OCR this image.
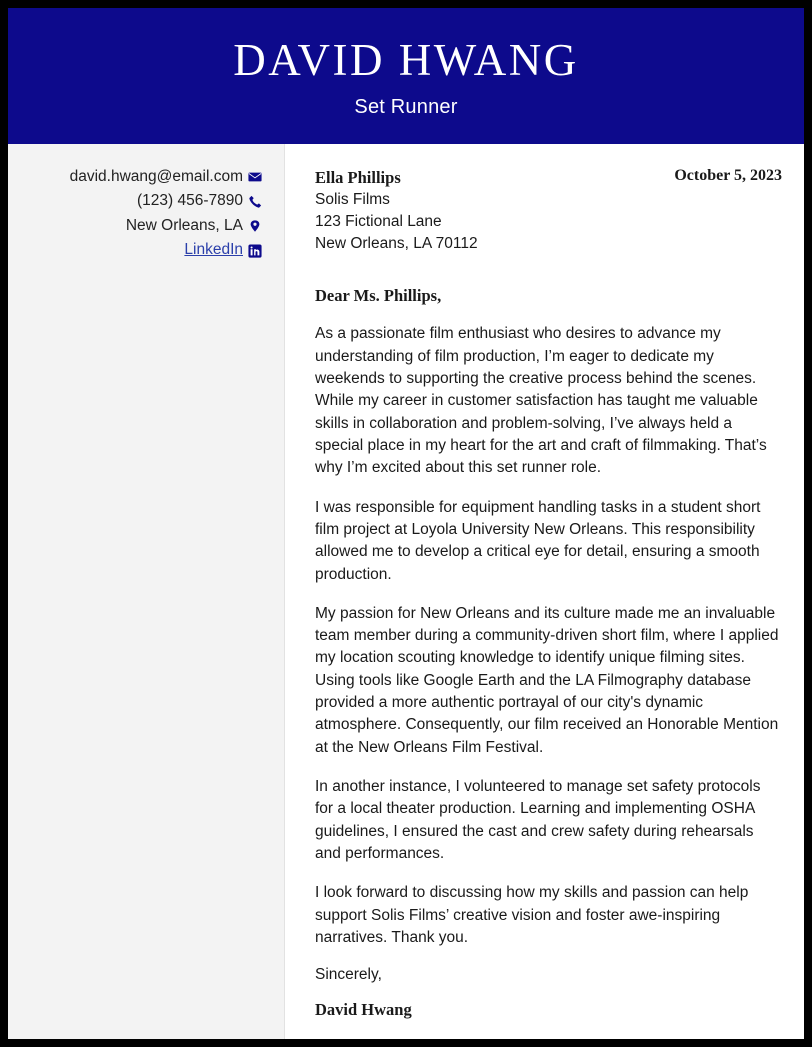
DAVID HWANG
Set Runner
david.hwang@email.com
(123) 456-7890
New Orleans, LA
LinkedIn
Ella Phillips
Solis Films
123 Fictional Lane
New Orleans, LA 70112
October 5, 2023
Dear Ms. Phillips,

As a passionate film enthusiast who desires to advance my understanding of film production, I’m eager to dedicate my weekends to supporting the creative process behind the scenes. While my career in customer satisfaction has taught me valuable skills in collaboration and problem-solving, I’ve always held a special place in my heart for the art and craft of filmmaking. That’s why I’m excited about this set runner role.

I was responsible for equipment handling tasks in a student short film project at Loyola University New Orleans. This responsibility allowed me to develop a critical eye for detail, ensuring a smooth production.

My passion for New Orleans and its culture made me an invaluable team member during a community-driven short film, where I applied my location scouting knowledge to identify unique filming sites. Using tools like Google Earth and the LA Filmography database provided a more authentic portrayal of our city's dynamic atmosphere. Consequently, our film received an Honorable Mention at the New Orleans Film Festival.

In another instance, I volunteered to manage set safety protocols for a local theater production. Learning and implementing OSHA guidelines, I ensured the cast and crew safety during rehearsals and performances.

I look forward to discussing how my skills and passion can help support Solis Films’ creative vision and foster awe-inspiring narratives. Thank you.

Sincerely,
David Hwang
